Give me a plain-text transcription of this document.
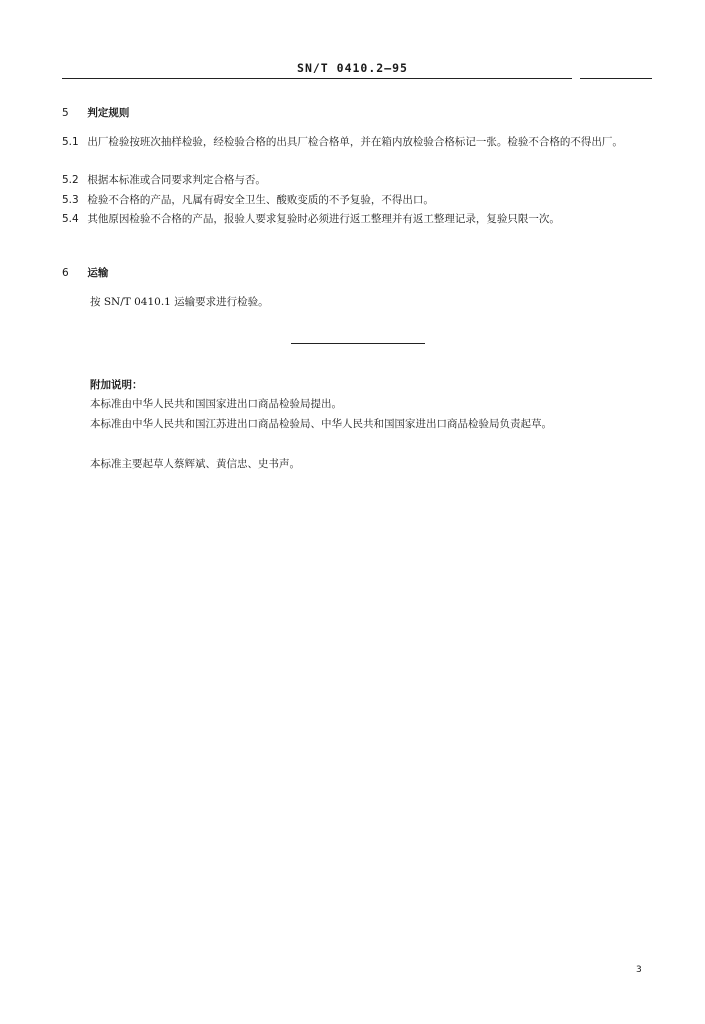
SN/T 0410.2—95
5 判定规则
5.1 出厂检验按班次抽样检验，经检验合格的出具厂检合格单，并在箱内放检验合格标记一张。检验不合格的不得出厂。
5.2 根据本标准或合同要求判定合格与否。
5.3 检验不合格的产品，凡属有碍安全卫生、酸败变质的不予复验，不得出口。
5.4 其他原因检验不合格的产品，报验人要求复验时必须进行返工整理并有返工整理记录，复验只限一次。
6 运输
按 SN/T 0410.1 运输要求进行检验。
附加说明：
本标准由中华人民共和国国家进出口商品检验局提出。
本标准由中华人民共和国江苏进出口商品检验局、中华人民共和国国家进出口商品检验局负责起草。
本标准主要起草人蔡辉斌、黄信忠、史书声。
3
